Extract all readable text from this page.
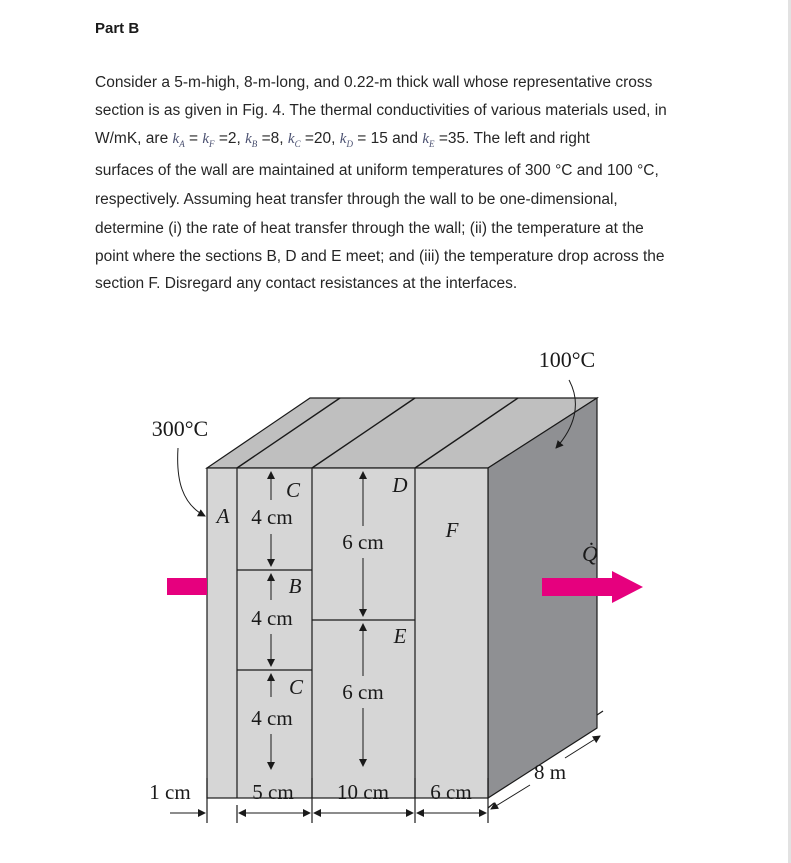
Part B
Consider a 5-m-high, 8-m-long, and 0.22-m thick wall whose representative cross
section is as given in Fig. 4. The thermal conductivities of various materials used, in
W/mK, are $k_A = k_F =2$, $k_B =8$, $k_C =20$, $k_D = 15$ and $k_E =35$. The left and right
surfaces of the wall are maintained at uniform temperatures of 300 °C and 100 °C,
respectively. Assuming heat transfer through the wall to be one-dimensional,
determine (i) the rate of heat transfer through the wall; (ii) the temperature at the
point where the sections B, D and E meet; and (iii) the temperature drop across the
section F. Disregard any contact resistances at the interfaces.
C
A
B
C
D
E
F
4 cm
4 cm
4 cm
6 cm
6 cm
300°C
100°C
Q̇
1 cm	5 cm 10 cm 6 cm
8 m
